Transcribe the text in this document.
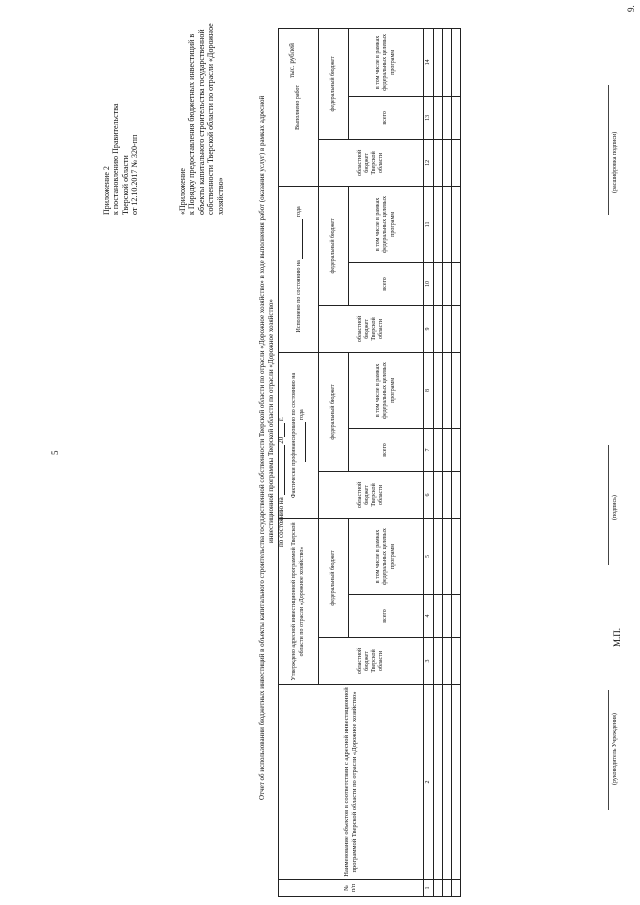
5
9.
Приложение 2 к постановлению Правительства Тверской области от 12.10.2017 № 320-пп	«Приложение к Порядку предоставления бюджетных инвестиций в объекты капитального строительства государственной собственности Тверской области по отрасли «Дорожное хозяйство»	Отчет об использовании бюджетных инвестиций в объекты капитального строительства государственной собственности Тверской области по отрасли «Дорожное хозяйство» в ходе выполнения работ (оказания услуг) в рамках адресной инвестиционной программы Тверской области по отрасли «Дорожное хозяйство» по состоянию на  20 г.
тыс. рублей
№ п/п	Наименование объектов в соответствии с адресной инвестиционной программой Тверской области по отрасли «Дорожное хозяйство»	Утверждено адресной инвестиционной программой Тверской области по отрасли «Дорожное хозяйство»			Фактически профинансировано по состоянию на года			Исполнено по состоянию на  года			Выполнено работ		
		областной бюджет Тверской области	федеральный бюджет		областной бюджет Тверской области	федеральный бюджет		областной бюджет Тверской области	федеральный бюджет		областной бюджет Тверской области	федеральный бюджет	
			всего	в том числе в рамках федеральных целевых программ		всего	в том числе в рамках федеральных целевых программ		всего	в том числе в рамках федеральных целевых программ		всего	в том числе в рамках федеральных целевых программ
1	2	3	4	5	6	7	8	9	10	11	12	13	14

М.П.
(руководитель Учреждения)
(подпись)
(расшифровка подписи)
